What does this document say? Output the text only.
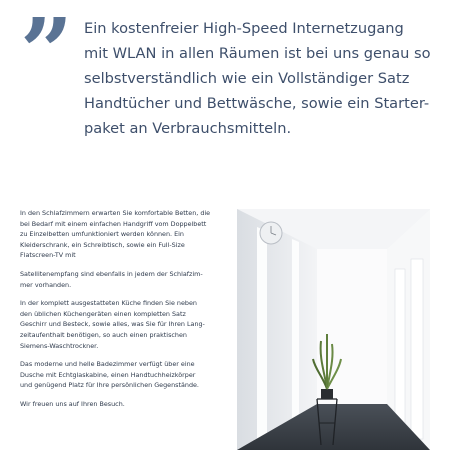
” Ein kostenfreier High-Speed Internetzugang
mit WLAN in allen Räumen ist bei uns genau so
selbstverständlich wie ein Vollständiger Satz
Handtücher und Bettwäsche, sowie ein Starter-
paket an Verbrauchsmitteln.

In den Schlafzimmern erwarten Sie komfortable Betten, die
bei Bedarf mit einem einfachen Handgriff vom Doppelbett
zu Einzelbetten umfunktioniert werden können. Ein
Kleiderschrank, ein Schreibtisch, sowie ein Full-Size
Flatscreen-TV mit

Satellitenempfang sind ebenfalls in jedem der Schlafzim-
mer vorhanden.

In der komplett ausgestatteten Küche finden Sie neben
den üblichen Küchengeräten einen kompletten Satz
Geschirr und Besteck, sowie alles, was Sie für Ihren Lang-
zeitaufenthalt benötigen, so auch einen praktischen
Siemens-Waschtrockner.

Das moderne und helle Badezimmer verfügt über eine
Dusche mit Echtglaskabine, einen Handtuchheizkörper
und genügend Platz für Ihre persönlichen Gegenstände.

Wir freuen uns auf Ihren Besuch.
